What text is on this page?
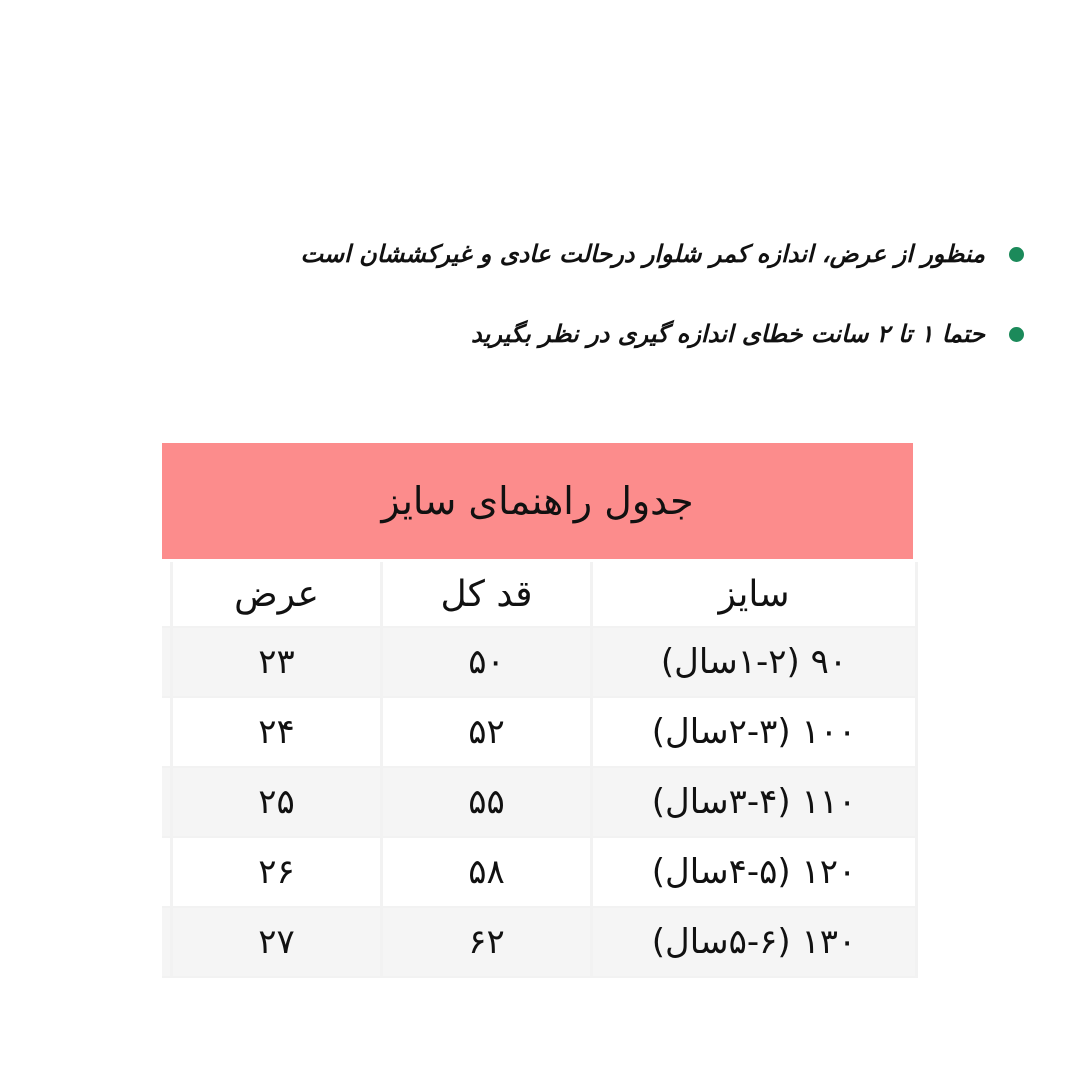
منظور از عرض، اندازه کمر شلوار درحالت عادی و غیرکششان است
حتما ۱ تا ۲ سانت خطای اندازه گیری در نظر بگیرید
جدول راهنمای سایز
سایز
قد کل
عرض
۹۰ (۱-۲سال)
۵۰
۲۳
۱۰۰ (۲-۳سال)
۵۲
۲۴
۱۱۰ (۳-۴سال)
۵۵
۲۵
۱۲۰ (۴-۵سال)
۵۸
۲۶
۱۳۰ (۵-۶سال)
۶۲
۲۷
